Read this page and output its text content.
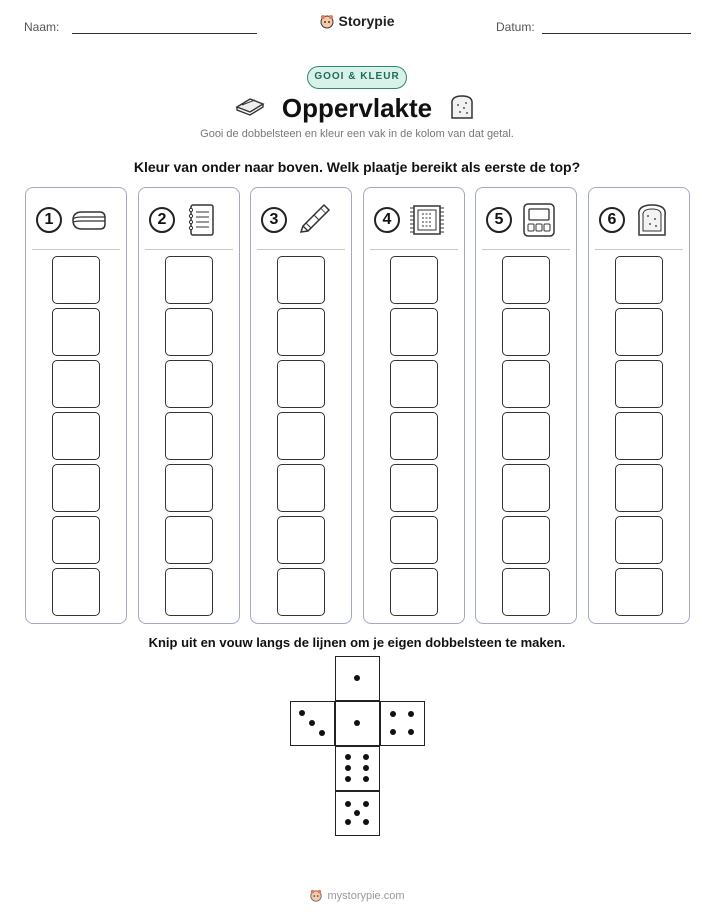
Naam:	Storypie	Datum:
GOOI & KLEUR
Oppervlakte
Gooi de dobbelsteen en kleur een vak in de kolom van dat getal.
Kleur van onder naar boven. Welk plaatje bereikt als eerste de top?
1	2	3	4	5	6
Knip uit en vouw langs de lijnen om je eigen dobbelsteen te maken.
mystorypie.com
